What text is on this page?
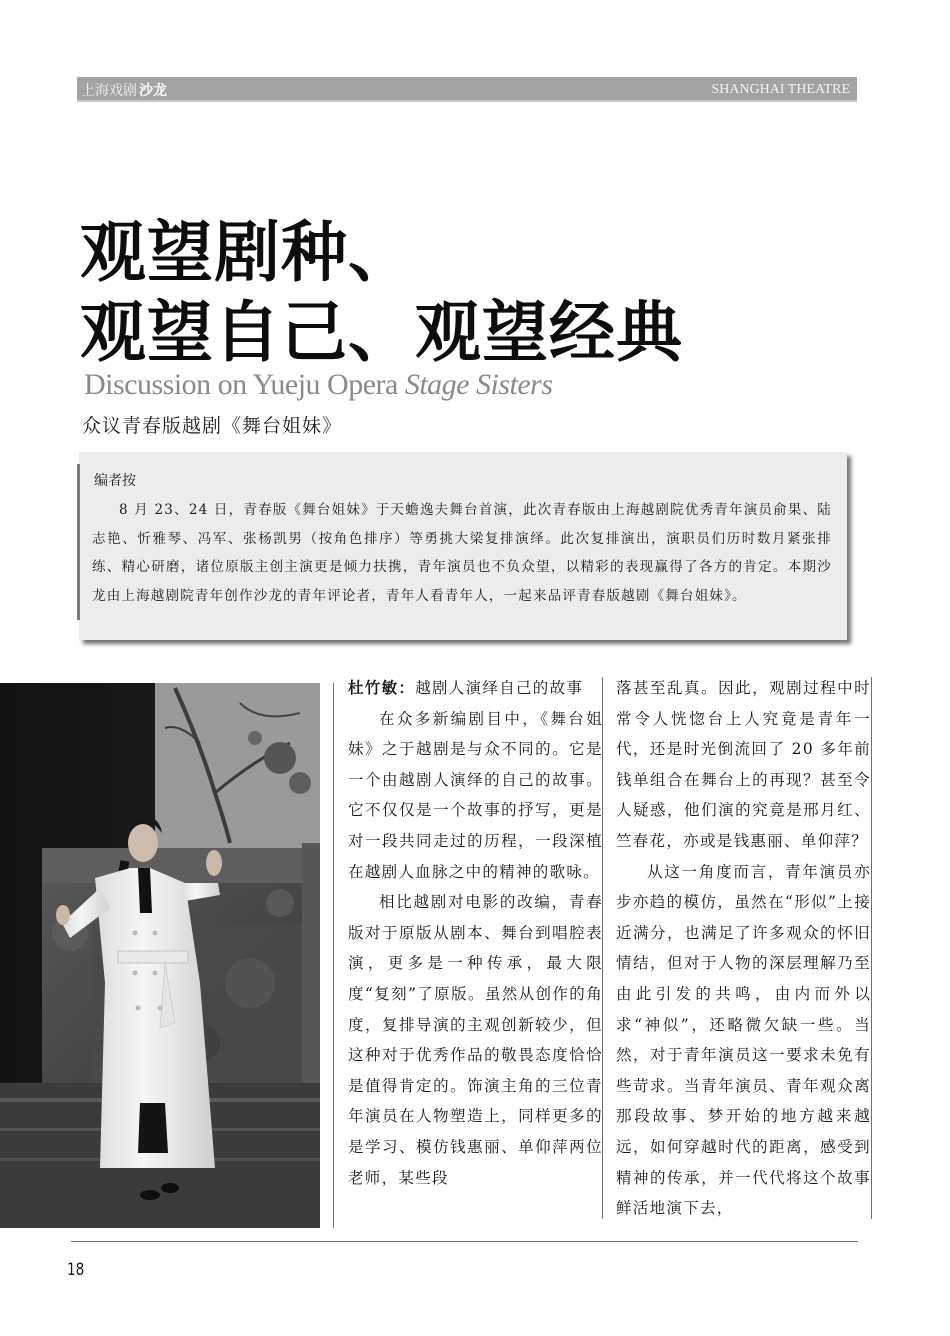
上海戏剧 沙龙	SHANGHAI THEATRE
观望剧种、
观望自己、观望经典
Discussion on Yueju Opera Stage Sisters
众议青春版越剧《舞台姐妹》
编者按
8 月 23、24 日，青春版《舞台姐妹》于天蟾逸夫舞台首演，此次青春版由上海越剧院优秀青年演员俞果、陆志艳、忻雅琴、冯军、张杨凯男（按角色排序）等勇挑大梁复排演绎。此次复排演出，演职员们历时数月紧张排练、精心研磨，诸位原版主创主演更是倾力扶携，青年演员也不负众望，以精彩的表现赢得了各方的肯定。本期沙龙由上海越剧院青年创作沙龙的青年评论者，青年人看青年人，一起来品评青春版越剧《舞台姐妹》。

杜竹敏：越剧人演绎自己的故事

在众多新编剧目中，《舞台姐妹》之于越剧是与众不同的。它是一个由越剧人演绎的自己的故事。它不仅仅是一个故事的抒写，更是对一段共同走过的历程，一段深植在越剧人血脉之中的精神的歌咏。

相比越剧对电影的改编，青春版对于原版从剧本、舞台到唱腔表演，更多是一种传承，最大限度“复刻”了原版。虽然从创作的角度，复排导演的主观创新较少，但这种对于优秀作品的敬畏态度恰恰是值得肯定的。饰演主角的三位青年演员在人物塑造上，同样更多的是学习、模仿钱惠丽、单仰萍两位老师，某些段

落甚至乱真。因此，观剧过程中时常令人恍惚台上人究竟是青年一代，还是时光倒流回了 20 多年前钱单组合在舞台上的再现？甚至令人疑惑，他们演的究竟是邢月红、竺春花，亦或是钱惠丽、单仰萍？

从这一角度而言，青年演员亦步亦趋的模仿，虽然在“形似”上接近满分，也满足了许多观众的怀旧情结，但对于人物的深层理解乃至由此引发的共鸣，由内而外以求“神似”，还略微欠缺一些。当然，对于青年演员这一要求未免有些苛求。当青年演员、青年观众离那段故事、梦开始的地方越来越远，如何穿越时代的距离，感受到精神的传承，并一代代将这个故事鲜活地演下去，

18
